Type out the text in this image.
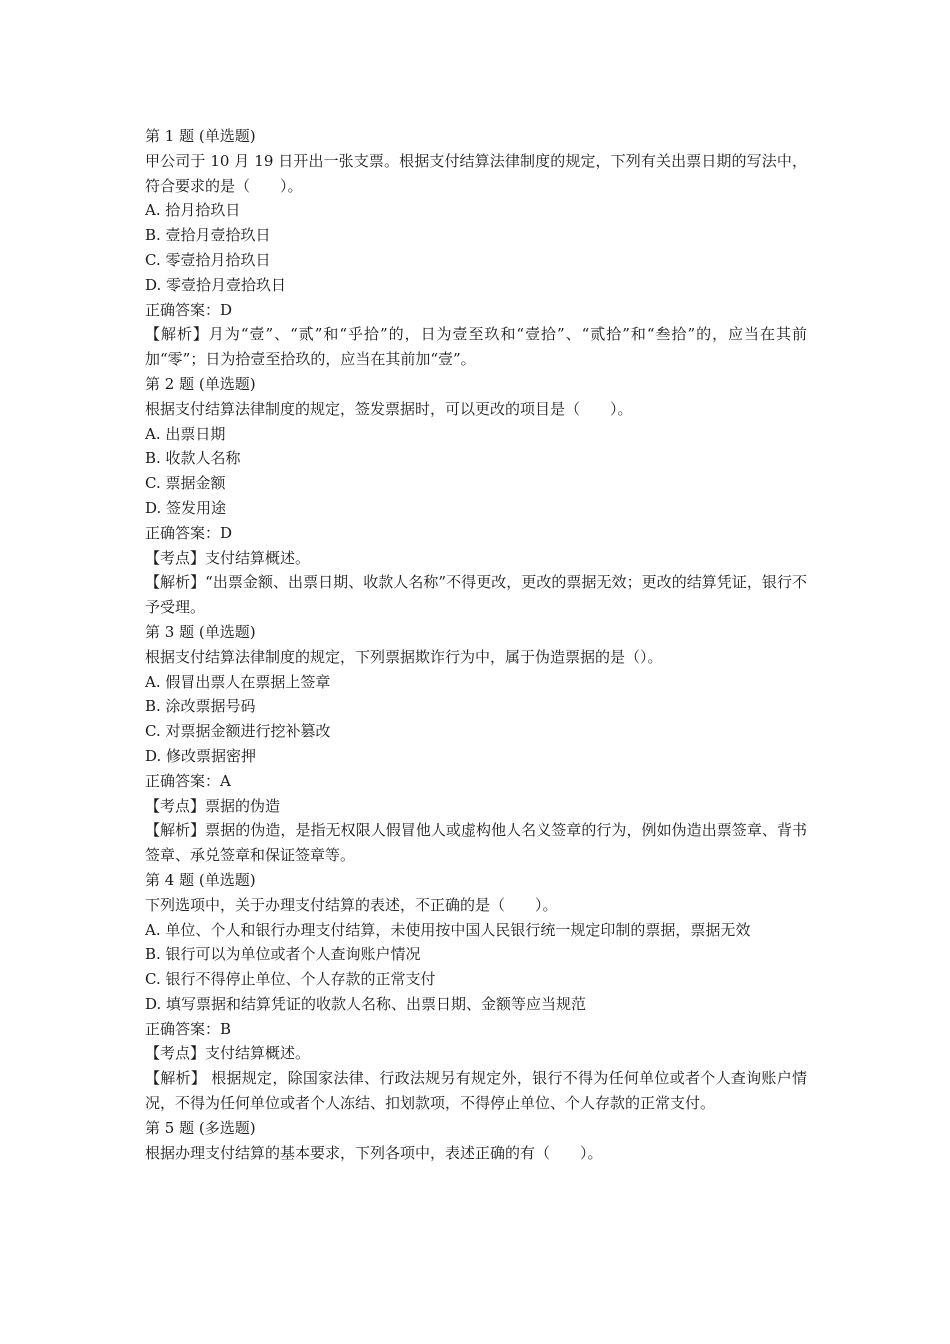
第 1 题 (单选题)

甲公司于 10 月 19 日开出一张支票。根据支付结算法律制度的规定，下列有关出票日期的写法中，符合要求的是（　　）。

A. 拾月拾玖日

B. 壹拾月壹拾玖日

C. 零壹拾月拾玖日

D. 零壹拾月壹拾玖日

正确答案：D

【解析】月为“壹”、“贰”和“乎拾”的，日为壹至玖和“壹拾”、“贰拾”和“叁拾”的，应当在其前加“零”；日为拾壹至拾玖的，应当在其前加“壹”。

第 2 题 (单选题)

根据支付结算法律制度的规定，签发票据时，可以更改的项目是（　　）。

A. 出票日期

B. 收款人名称

C. 票据金额

D. 签发用途

正确答案：D

【考点】支付结算概述。

【解析】“出票金额、出票日期、收款人名称”不得更改，更改的票据无效；更改的结算凭证，银行不予受理。

第 3 题 (单选题)

根据支付结算法律制度的规定，下列票据欺诈行为中，属于伪造票据的是（）。

A. 假冒出票人在票据上签章

B. 涂改票据号码

C. 对票据金额进行挖补篡改

D. 修改票据密押

正确答案：A

【考点】票据的伪造

【解析】票据的伪造，是指无权限人假冒他人或虚构他人名义签章的行为，例如伪造出票签章、背书签章、承兑签章和保证签章等。

第 4 题 (单选题)

下列选项中，关于办理支付结算的表述，不正确的是（　　）。

A. 单位、个人和银行办理支付结算，未使用按中国人民银行统一规定印制的票据，票据无效

B. 银行可以为单位或者个人查询账户情况

C. 银行不得停止单位、个人存款的正常支付

D. 填写票据和结算凭证的收款人名称、出票日期、金额等应当规范

正确答案：B

【考点】支付结算概述。

【解析】 根据规定，除国家法律、行政法规另有规定外，银行不得为任何单位或者个人查询账户情况，不得为任何单位或者个人冻结、扣划款项，不得停止单位、个人存款的正常支付。

第 5 题 (多选题)

根据办理支付结算的基本要求，下列各项中，表述正确的有（　　）。
